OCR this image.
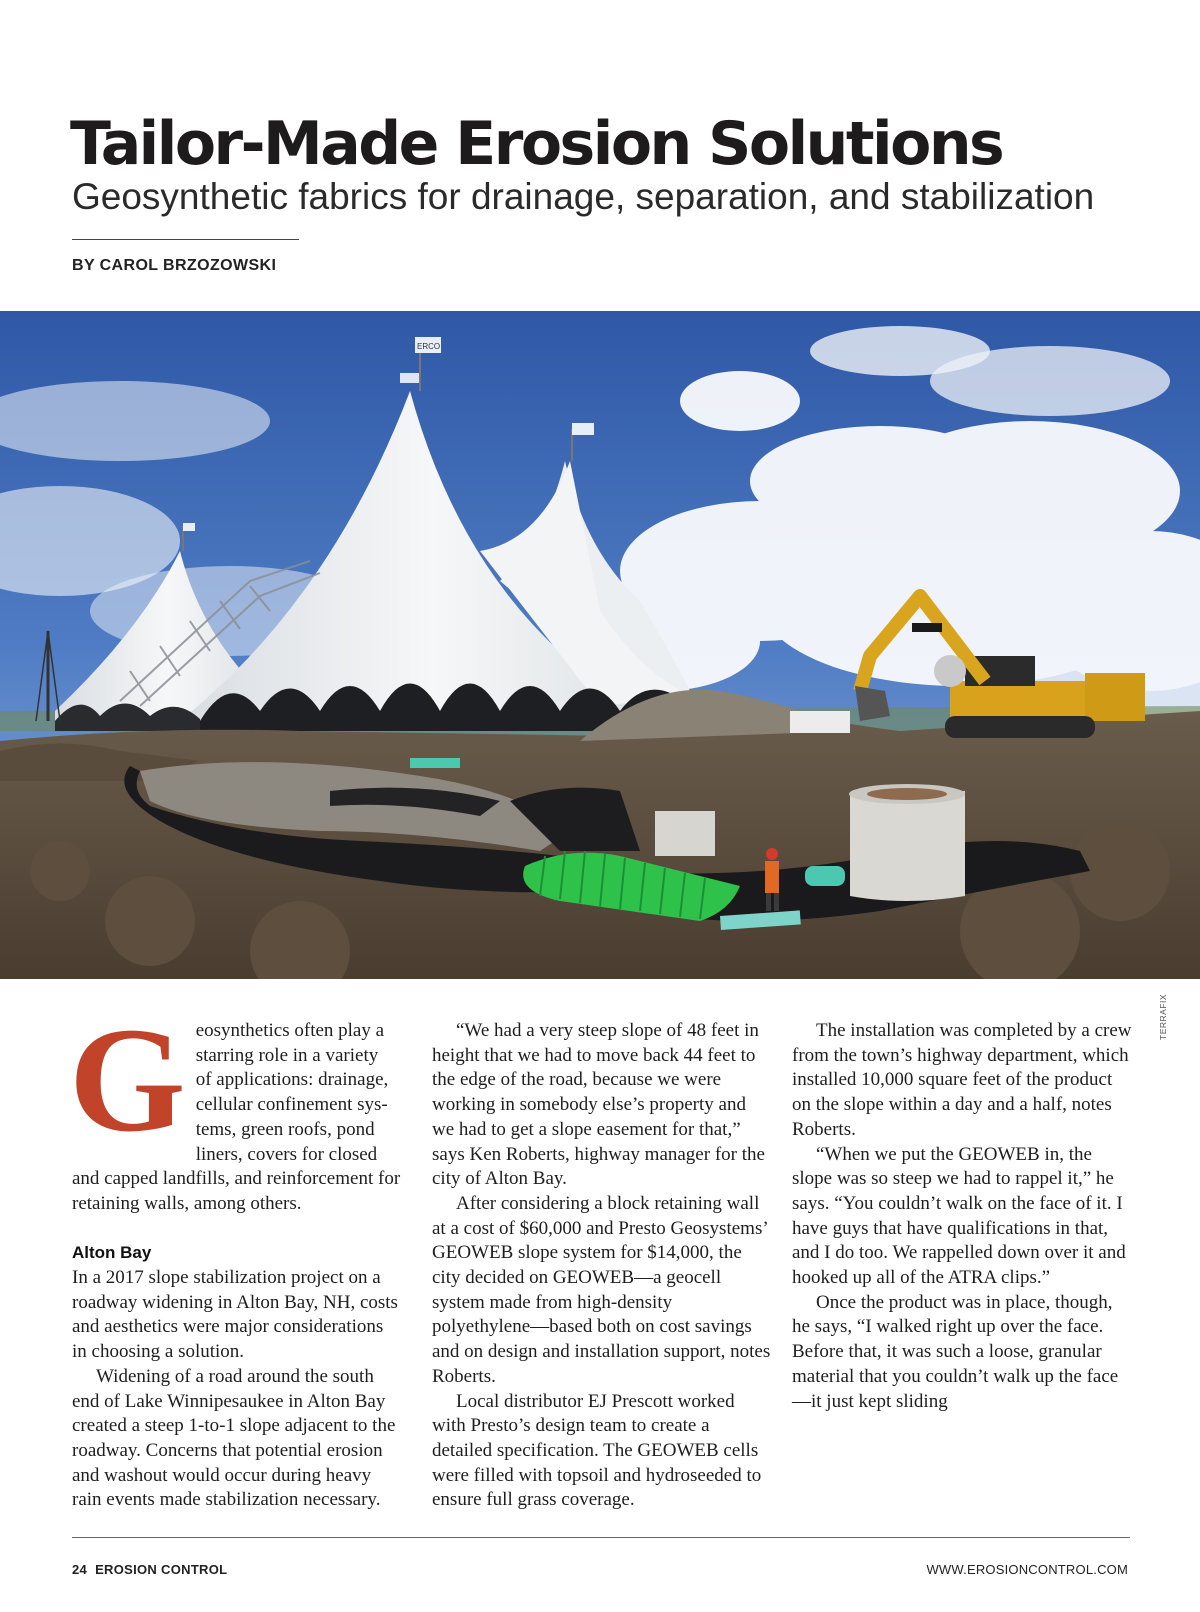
Tailor-Made Erosion Solutions
Geosynthetic fabrics for drainage, separation, and stabilization

BY CAROL BRZOZOWSKI

ERCO
TERRAFIX
G eosynthetics often play a
starring role in a variety
of applications: drainage,
cellular confinement sys-
tems, green roofs, pond

liners, covers for closed and capped landfills, and reinforcement for retaining walls, among others.

Alton Bay

In a 2017 slope stabilization project on a roadway widening in Alton Bay, NH, costs and aesthetics were major considerations in choosing a solution.

Widening of a road around the south end of Lake Winnipesaukee in Alton Bay created a steep 1-to-1 slope adjacent to the roadway. Concerns that potential erosion and washout would occur during heavy rain events made stabilization necessary.

“We had a very steep slope of 48 feet in height that we had to move back 44 feet to the edge of the road, because we were working in somebody else’s property and we had to get a slope easement for that,” says Ken Roberts, highway manager for the city of Alton Bay.

After considering a block retaining wall at a cost of $60,000 and Presto Geosystems’ GEOWEB slope system for $14,000, the city decided on GEOWEB—a geocell system made from high-density polyethylene—based both on cost savings and on design and installation support, notes Roberts.

Local distributor EJ Prescott worked with Presto’s design team to create a detailed specification. The GEOWEB cells were filled with topsoil and hydroseeded to ensure full grass coverage.

The installation was completed by a crew from the town’s highway department, which installed 10,000 square feet of the product on the slope within a day and a half, notes Roberts.

“When we put the GEOWEB in, the slope was so steep we had to rappel it,” he says. “You couldn’t walk on the face of it. I have guys that have qualifications in that, and I do too. We rappelled down over it and hooked up all of the ATRA clips.”

Once the product was in place, though, he says, “I walked right up over the face. Before that, it was such a loose, granular material that you couldn’t walk up the face—it just kept sliding

24 EROSION CONTROL	WWW.EROSIONCONTROL.COM
